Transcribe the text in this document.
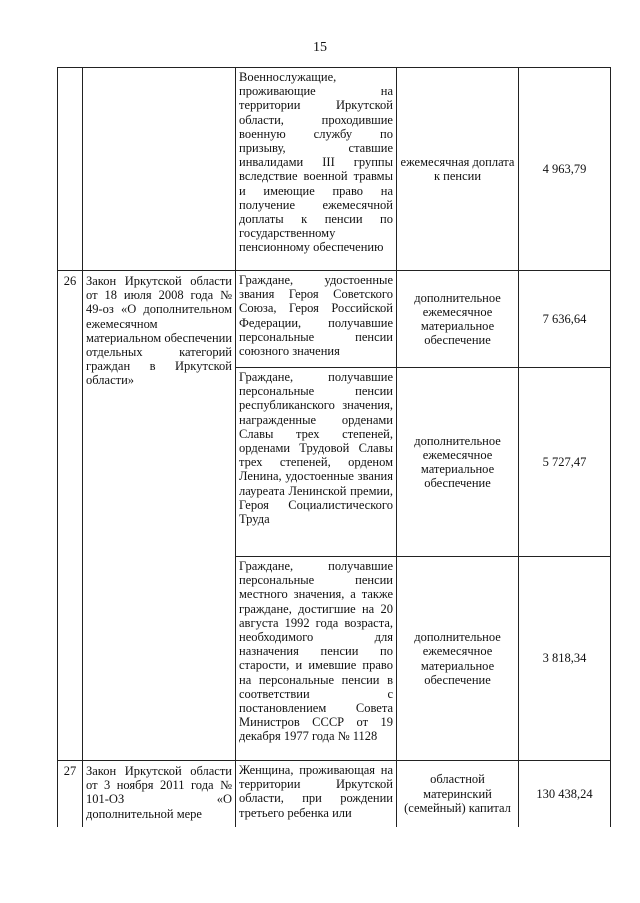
15
		Военнослужащие, проживающие на территории Иркутской области, проходившие военную службу по призыву, ставшие инвалидами III группы вследствие военной травмы и имеющие право на получение ежемесячной доплаты к пенсии по государственному пенсионному обеспечению	ежемесячная доплата к пенсии	4 963,79
26	Закон Иркутской области от 18 июля 2008 года № 49-оз «О дополнительном ежемесячном материальном обеспечении отдельных категорий граждан в Иркутской области»	Граждане, удостоенные звания Героя Советского Союза, Героя Российской Федерации, получавшие персональные пенсии союзного значения	дополнительное ежемесячное материальное обеспечение	7 636,64
		Граждане, получавшие персональные пенсии республиканского значения, награжденные орденами Славы трех степеней, орденами Трудовой Славы трех степеней, орденом Ленина, удостоенные звания лауреата Ленинской премии, Героя Социалистического Труда	дополнительное ежемесячное материальное обеспечение	5 727,47
		Граждане, получавшие персональные пенсии местного значения, а также граждане, достигшие на 20 августа 1992 года возраста, необходимого для назначения пенсии по старости, и имевшие право на персональные пенсии в соответствии с постановлением Совета Министров СССР от 19 декабря 1977 года № 1128	дополнительное ежемесячное материальное обеспечение	3 818,34
27	Закон Иркутской области от 3 ноября 2011 года № 101-ОЗ «О дополнительной мере	Женщина, проживающая на территории Иркутской области, при рождении третьего ребенка или	областной материнский (семейный) капитал	130 438,24
